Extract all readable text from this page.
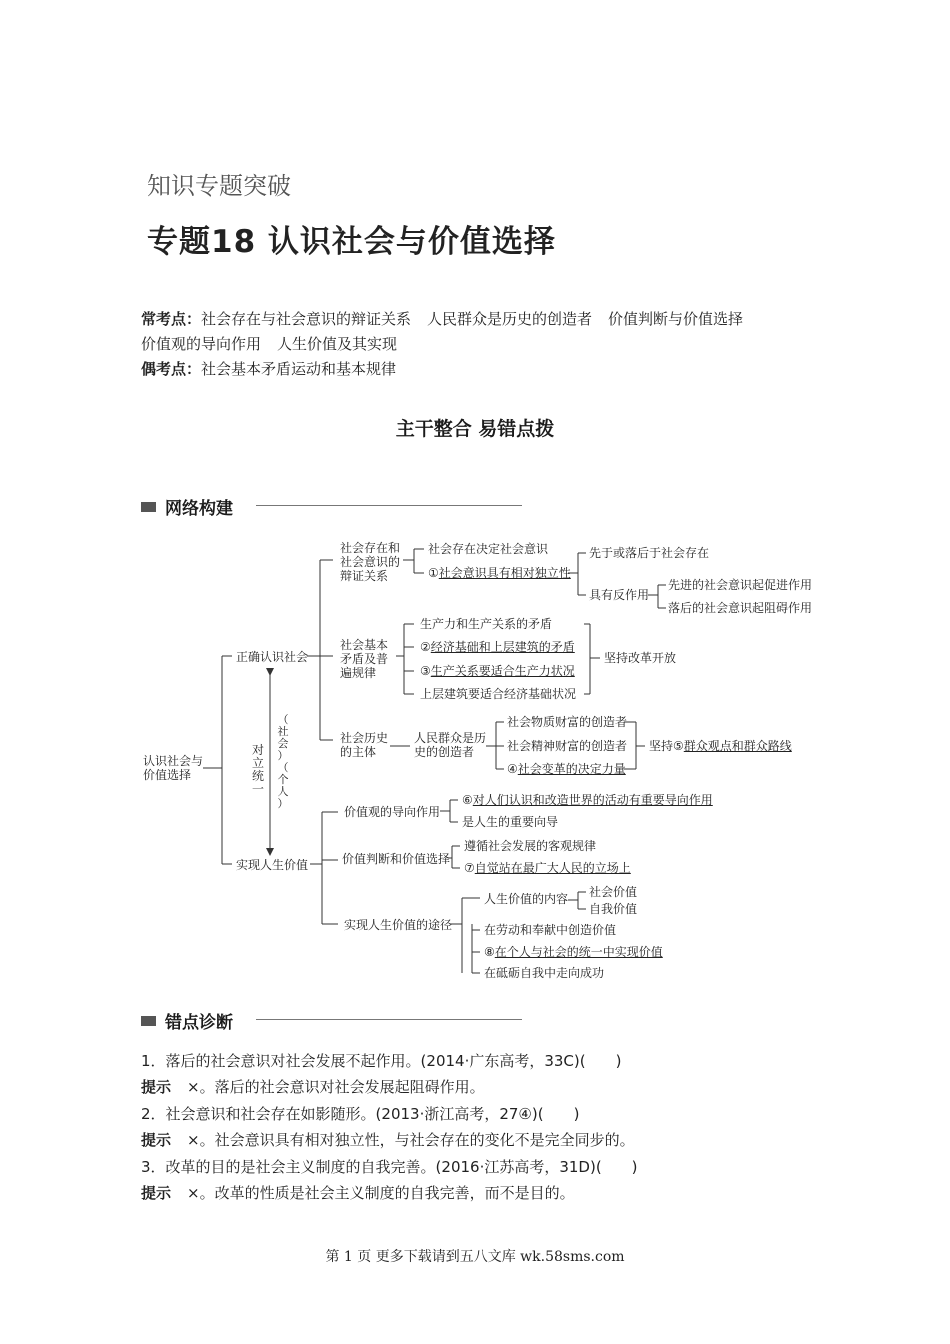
知识专题突破
专题18 认识社会与价值选择
常考点：社会存在与社会意识的辩证关系 人民群众是历史的创造者 价值判断与价值选择
价值观的导向作用 人生价值及其实现
偶考点：社会基本矛盾运动和基本规律
主干整合 易错点拨
网络构建
认识社会与
价值选择
正确认识社会
实现人生价值
对
立
统
一
（
社
会
）
（
个
人
）
社会存在和
社会意识的
辩证关系
社会存在决定社会意识
①社会意识具有相对独立性
先于或落后于社会存在
具有反作用
先进的社会意识起促进作用
落后的社会意识起阻碍作用
社会基本
矛盾及普
遍规律
生产力和生产关系的矛盾
②经济基础和上层建筑的矛盾
③生产关系要适合生产力状况
上层建筑要适合经济基础状况
坚持改革开放
社会历史
的主体
人民群众是历
史的创造者
社会物质财富的创造者
社会精神财富的创造者
④社会变革的决定力量
坚持⑤群众观点和群众路线
价值观的导向作用
⑥对人们认识和改造世界的活动有重要导向作用
是人生的重要向导
价值判断和价值选择
遵循社会发展的客观规律
⑦自觉站在最广大人民的立场上
实现人生价值的途径
人生价值的内容 社会价值
自我价值
在劳动和奉献中创造价值
⑧在个人与社会的统一中实现价值
在砥砺自我中走向成功
错点诊断
1．落后的社会意识对社会发展不起作用。(2014·广东高考，33C)(　　)
提示 ×。落后的社会意识对社会发展起阻碍作用。
2．社会意识和社会存在如影随形。(2013·浙江高考，27④)(　　)
提示 ×。社会意识具有相对独立性，与社会存在的变化不是完全同步的。
3．改革的目的是社会主义制度的自我完善。(2016·江苏高考，31D)(　　)
提示 ×。改革的性质是社会主义制度的自我完善，而不是目的。
第 1 页 更多下载请到五八文库 wk.58sms.com
